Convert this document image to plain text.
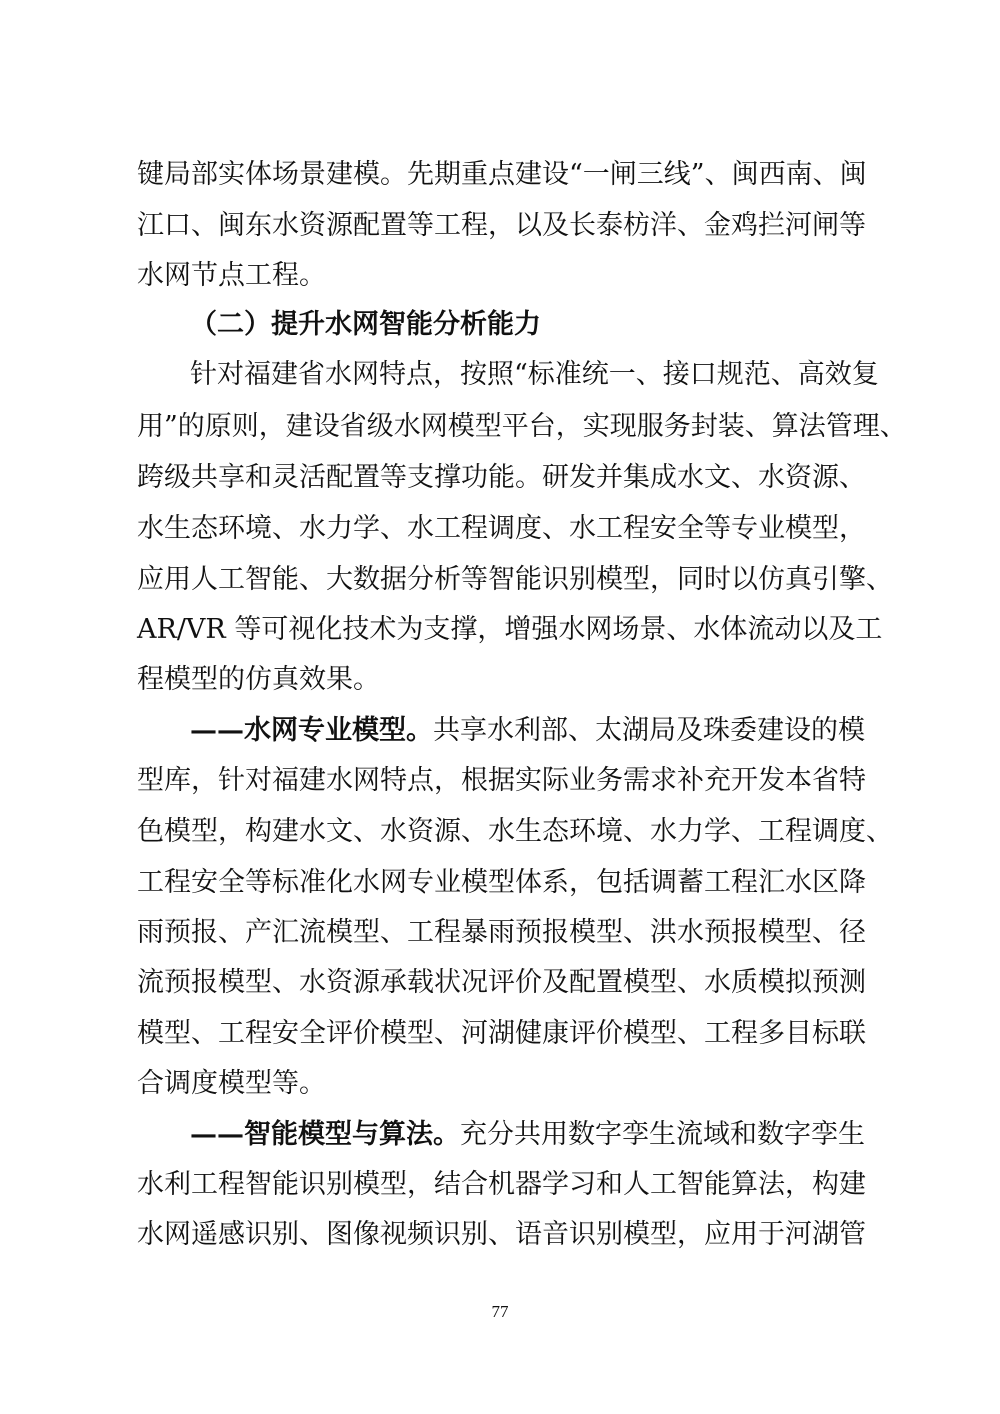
键局部实体场景建模。先期重点建设“一闸三线”、闽西南、闽
江口、闽东水资源配置等工程，以及长泰枋洋、金鸡拦河闸等
水网节点工程。
（二）提升水网智能分析能力
针对福建省水网特点，按照“标准统一、接口规范、高效复
用”的原则，建设省级水网模型平台，实现服务封装、算法管理、
跨级共享和灵活配置等支撑功能。研发并集成水文、水资源、
水生态环境、水力学、水工程调度、水工程安全等专业模型，
应用人工智能、大数据分析等智能识别模型，同时以仿真引擎、
AR/VR 等可视化技术为支撑，增强水网场景、水体流动以及工
程模型的仿真效果。
——水网专业模型。共享水利部、太湖局及珠委建设的模
型库，针对福建水网特点，根据实际业务需求补充开发本省特
色模型，构建水文、水资源、水生态环境、水力学、工程调度、
工程安全等标准化水网专业模型体系，包括调蓄工程汇水区降
雨预报、产汇流模型、工程暴雨预报模型、洪水预报模型、径
流预报模型、水资源承载状况评价及配置模型、水质模拟预测
模型、工程安全评价模型、河湖健康评价模型、工程多目标联
合调度模型等。
——智能模型与算法。充分共用数字孪生流域和数字孪生
水利工程智能识别模型，结合机器学习和人工智能算法，构建
水网遥感识别、图像视频识别、语音识别模型，应用于河湖管
77
